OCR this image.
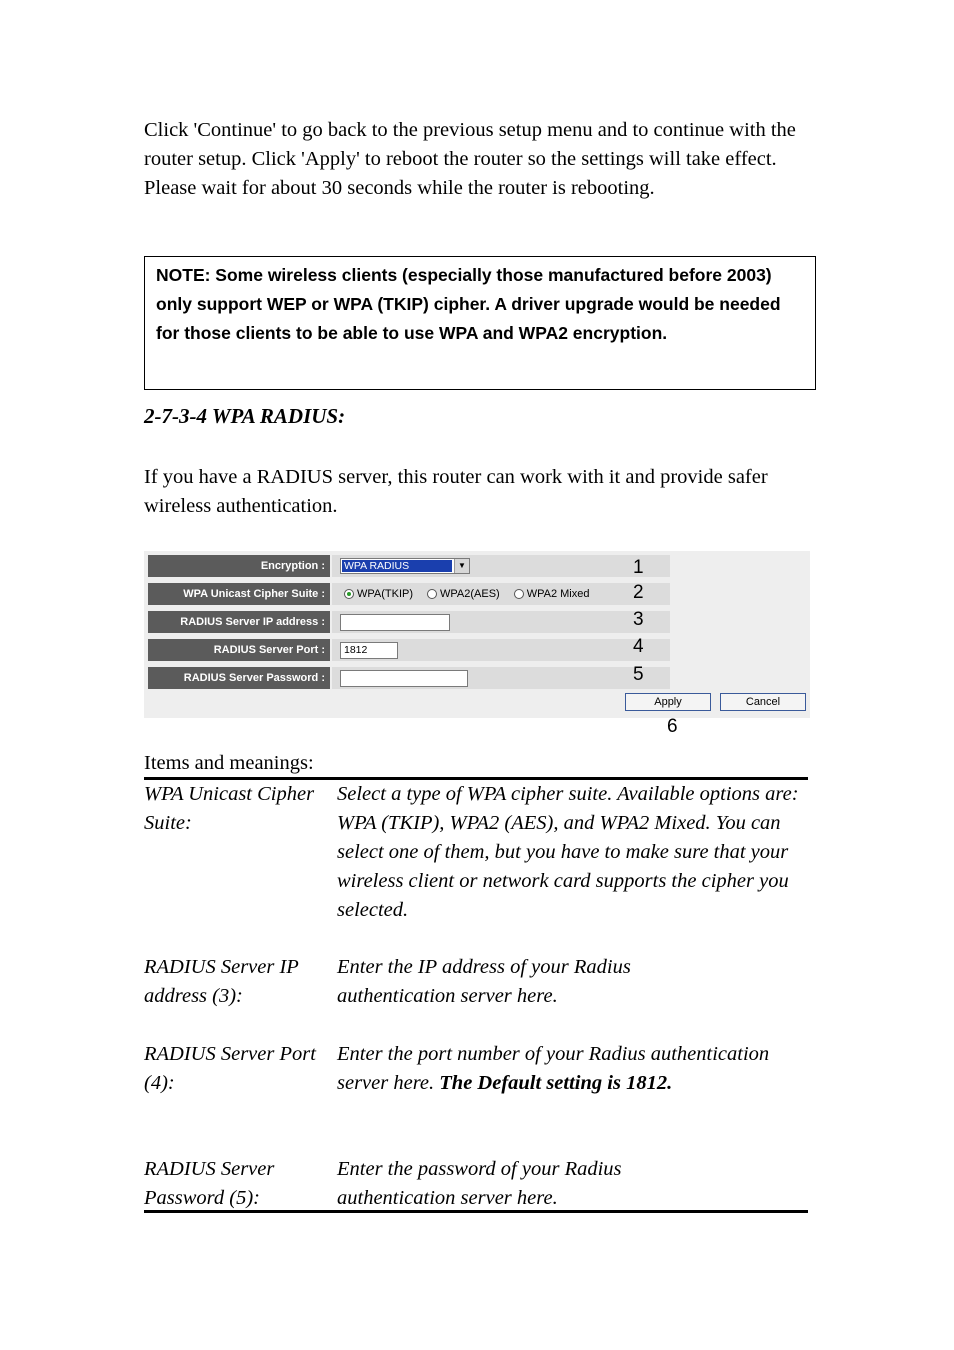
Click 'Continue' to go back to the previous setup menu and to continue with the router setup. Click 'Apply' to reboot the router so the settings will take effect. Please wait for about 30 seconds while the router is rebooting.

NOTE: Some wireless clients (especially those manufactured before 2003) only support WEP or WPA (TKIP) cipher. A driver upgrade would be needed for those clients to be able to use WPA and WPA2 encryption.

2-7-3-4 WPA RADIUS:

If you have a RADIUS server, this router can work with it and provide safer wireless authentication.

Encryption :	WPA RADIUS	▼
WPA Unicast Cipher Suite :	WPA(TKIP) WPA2(AES) WPA2 Mixed
RADIUS Server IP address :
RADIUS Server Port :	1812
RADIUS Server Password :
1
2
3
4
5
Apply	Cancel
6
Items and meanings:
WPA Unicast Cipher Suite:
Select a type of WPA cipher suite. Available options are: WPA (TKIP), WPA2 (AES), and WPA2 Mixed. You can select one of them, but you have to make sure that your wireless client or network card supports the cipher you selected.
RADIUS Server IP address (3):
Enter the IP address of your Radius authentication server here.
RADIUS Server Port (4):
Enter the port number of your Radius authentication server here. The Default setting is 1812.
RADIUS Server Password (5):
Enter the password of your Radius authentication server here.
